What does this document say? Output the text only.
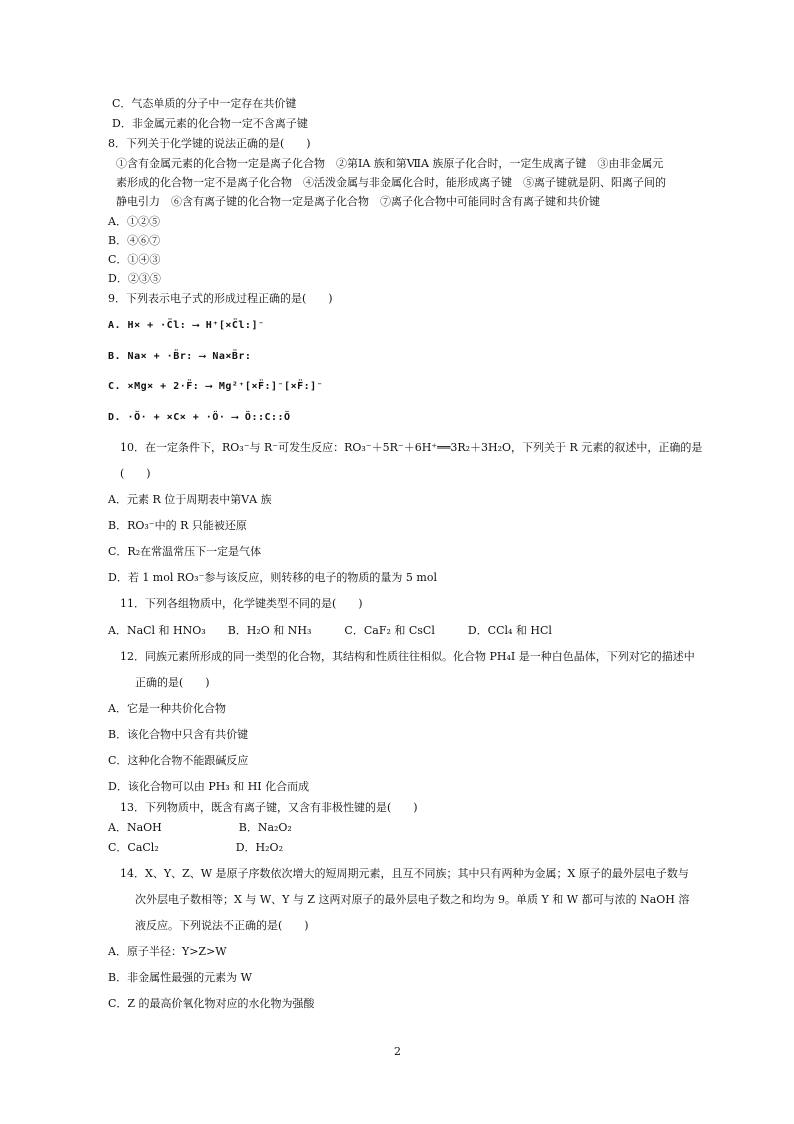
C．气态单质的分子中一定存在共价键
D．非金属元素的化合物一定不含离子键
8．下列关于化学键的说法正确的是(　　)
①含有金属元素的化合物一定是离子化合物　②第ⅠA 族和第ⅦA 族原子化合时，一定生成离子键　③由非金属元
素形成的化合物一定不是离子化合物　④活泼金属与非金属化合时，能形成离子键　⑤离子键就是阴、阳离子间的
静电引力　⑥含有离子键的化合物一定是离子化合物　⑦离子化合物中可能同时含有离子键和共价键
A．①②⑤
B．④⑥⑦
C．①④③
D．②③⑤
9．下列表示电子式的形成过程正确的是(　　)
A. H× + ·C̈l: ⟶ H⁺[×C̈l:]⁻
B. Na× + ·B̈r: ⟶ Na×B̈r:
C. ×Mg× + 2·F̈: ⟶ Mg²⁺[×F̈:]⁻[×F̈:]⁻
D. ·Ö· + ×C× + ·Ö· ⟶ Ö::C::Ö
10．在一定条件下，RO₃⁻与 R⁻可发生反应：RO₃⁻＋5R⁻＋6H⁺══3R₂＋3H₂O，下列关于 R 元素的叙述中，正确的是
(　　)
A．元素 R 位于周期表中第ⅤA 族
B．RO₃⁻中的 R 只能被还原
C．R₂在常温常压下一定是气体
D．若 1 mol RO₃⁻参与该反应，则转移的电子的物质的量为 5 mol
11．下列各组物质中，化学键类型不同的是(　　)
A．NaCl 和 HNO₃　　B．H₂O 和 NH₃　　　C．CaF₂ 和 CsCl　　　D．CCl₄ 和 HCl
12．同族元素所形成的同一类型的化合物，其结构和性质往往相似。化合物 PH₄I 是一种白色晶体，下列对它的描述中
正确的是(　　)
A．它是一种共价化合物
B．该化合物中只含有共价键
C．这种化合物不能跟碱反应
D．该化合物可以由 PH₃ 和 HI 化合而成
13．下列物质中，既含有离子键，又含有非极性键的是(　　)
A．NaOH　　　　　　　B．Na₂O₂
C．CaCl₂　　　　　　　D．H₂O₂
14．X、Y、Z、W 是原子序数依次增大的短周期元素，且互不同族；其中只有两种为金属；X 原子的最外层电子数与
次外层电子数相等；X 与 W、Y 与 Z 这两对原子的最外层电子数之和均为 9。单质 Y 和 W 都可与浓的 NaOH 溶
液反应。下列说法不正确的是(　　)
A．原子半径：Y>Z>W
B．非金属性最强的元素为 W
C．Z 的最高价氧化物对应的水化物为强酸
2
